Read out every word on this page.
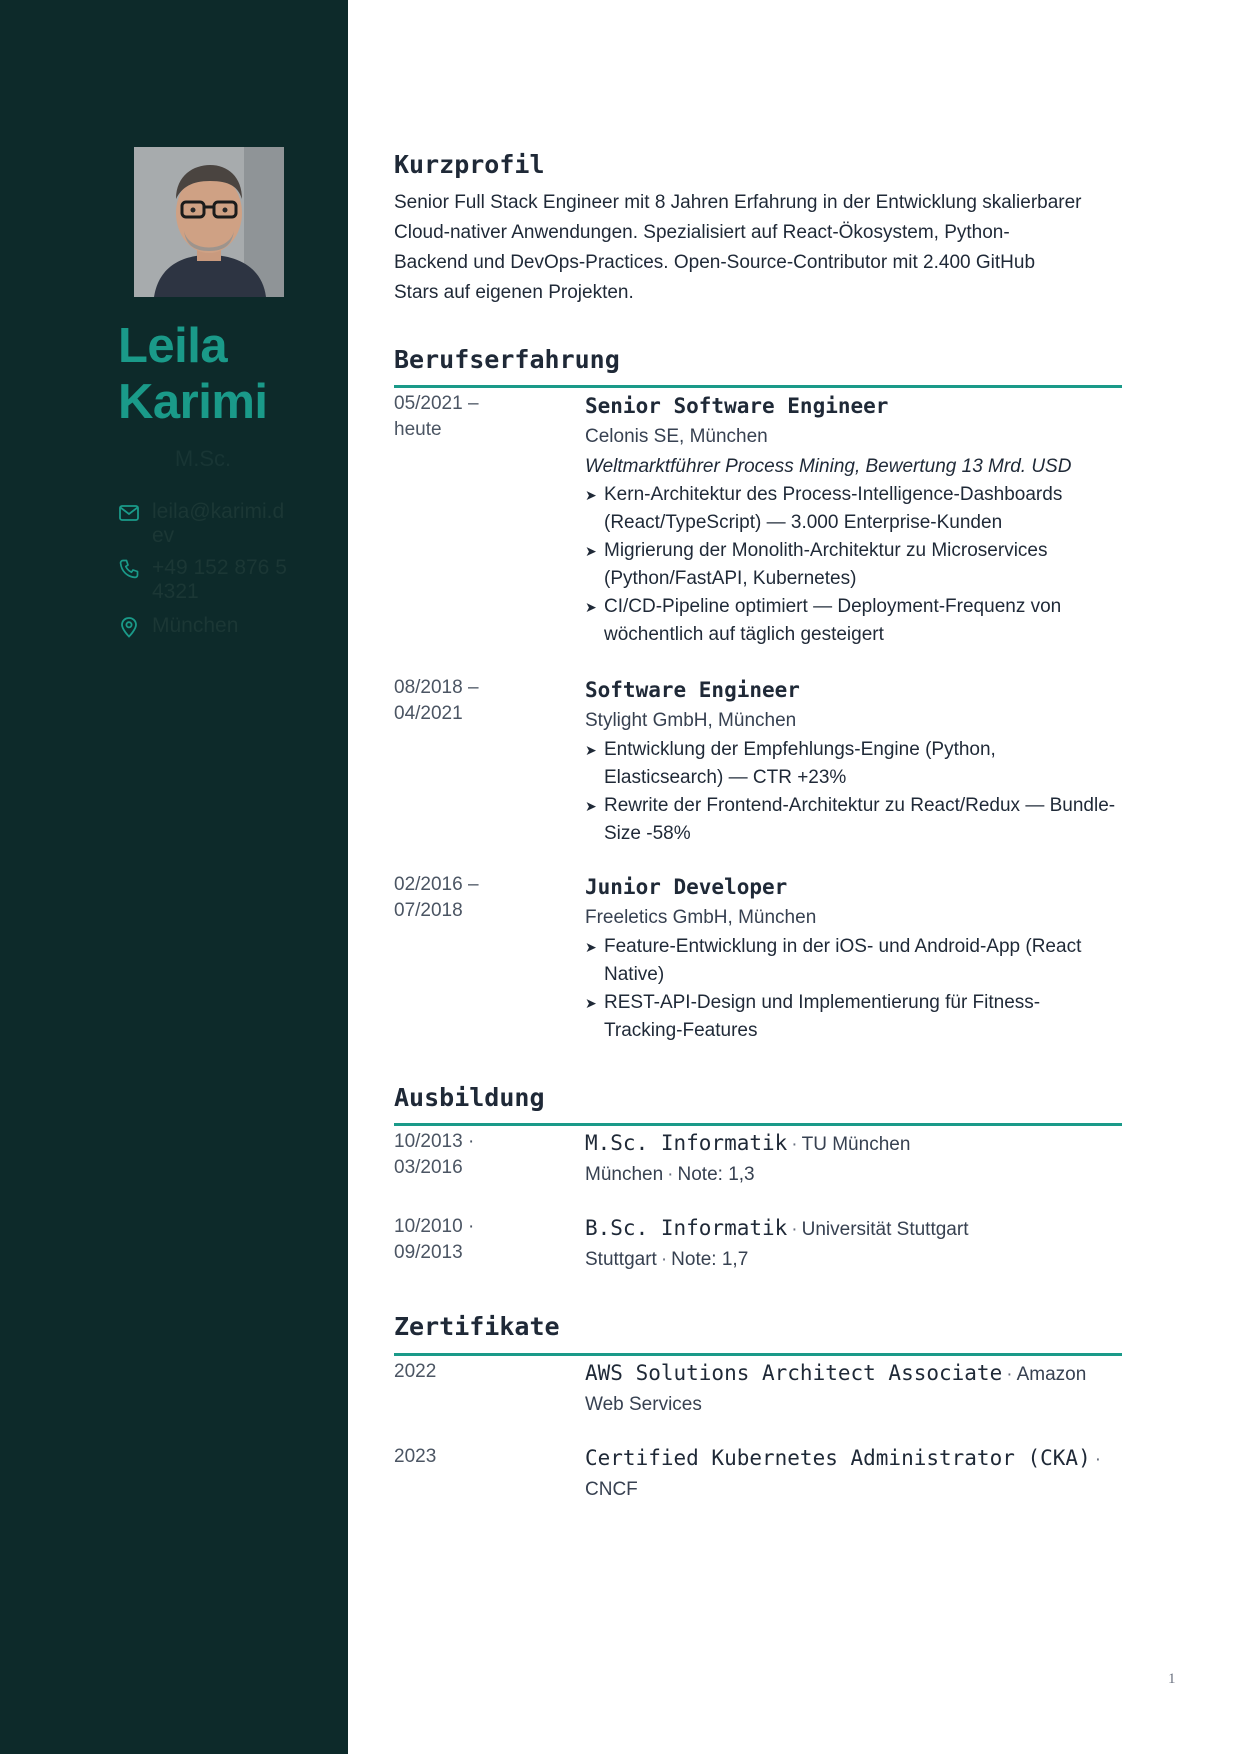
Leila
Karimi
M.Sc.
leila@karimi.dev
+49 152 876 54321
München
Kurzprofil

Senior Full Stack Engineer mit 8 Jahren Erfahrung in der Entwicklung skalierbarer
Cloud-nativer Anwendungen. Spezialisiert auf React-Ökosystem, Python-
Backend und DevOps-Practices. Open-Source-Contributor mit 2.400 GitHub
Stars auf eigenen Projekten.

Berufserfahrung
05/2021 –
heute
Senior Software Engineer
Celonis SE, München
Weltmarktführer Process Mining, Bewertung 13 Mrd. USD
➤ Kern-Architektur des Process-Intelligence-Dashboards
(React/TypeScript) — 3.000 Enterprise-Kunden
➤ Migrierung der Monolith-Architektur zu Microservices
(Python/FastAPI, Kubernetes)
➤ CI/CD-Pipeline optimiert — Deployment-Frequenz von
wöchentlich auf täglich gesteigert
08/2018 –
04/2021
Software Engineer
Stylight GmbH, München
➤ Entwicklung der Empfehlungs-Engine (Python,
Elasticsearch) — CTR +23%
➤ Rewrite der Frontend-Architektur zu React/Redux — Bundle-
Size -58%
02/2016 –
07/2018
Junior Developer
Freeletics GmbH, München
➤ Feature-Entwicklung in der iOS- und Android-App (React
Native)
➤ REST-API-Design und Implementierung für Fitness-
Tracking-Features
Ausbildung
10/2013 ·
03/2016
M.Sc. Informatik · TU München
München · Note: 1,3
10/2010 ·
09/2013
B.Sc. Informatik · Universität Stuttgart
Stuttgart · Note: 1,7
Zertifikate
2022	AWS Solutions Architect Associate · Amazon
Web Services
2023	Certified Kubernetes Administrator (CKA) ·
CNCF
1
